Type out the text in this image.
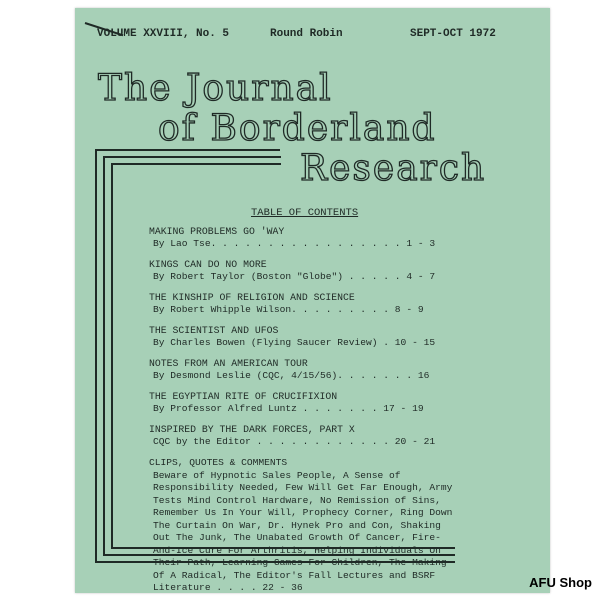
VOLUME XXVIII, No. 5	Round Robin	SEPT-OCT 1972
The Journal
of Borderland
Research
TABLE OF CONTENTS
MAKING PROBLEMS GO 'WAY
By Lao Tse. . . . . . . . . . . . . . . . . 1 - 3
KINGS CAN DO NO MORE
By Robert Taylor (Boston "Globe") . . . . . 4 - 7
THE KINSHIP OF RELIGION AND SCIENCE
By Robert Whipple Wilson. . . . . . . . . 8 - 9
THE SCIENTIST AND UFOS
By Charles Bowen (Flying Saucer Review) . 10 - 15
NOTES FROM AN AMERICAN TOUR
By Desmond Leslie (CQC, 4/15/56). . . . . . . 16
THE EGYPTIAN RITE OF CRUCIFIXION
By Professor Alfred Luntz . . . . . . . 17 - 19
INSPIRED BY THE DARK FORCES, PART X
CQC by the Editor . . . . . . . . . . . . 20 - 21
CLIPS, QUOTES & COMMENTS
Beware of Hypnotic Sales People, A Sense of Responsibility Needed, Few Will Get Far Enough, Army Tests Mind Control Hardware, No Remission of Sins, Remember Us In Your Will, Prophecy Corner, Ring Down The Curtain On War, Dr. Hynek Pro and Con, Shaking Out The Junk, The Unabated Growth Of Cancer, Fire-And-Ice Cure For Arthritis, Helping Individuals On Their Path, Learning Games For Children, The Making Of A Radical, The Editor's Fall Lectures and BSRF Literature . . . . 22 - 36	AFU Shop
